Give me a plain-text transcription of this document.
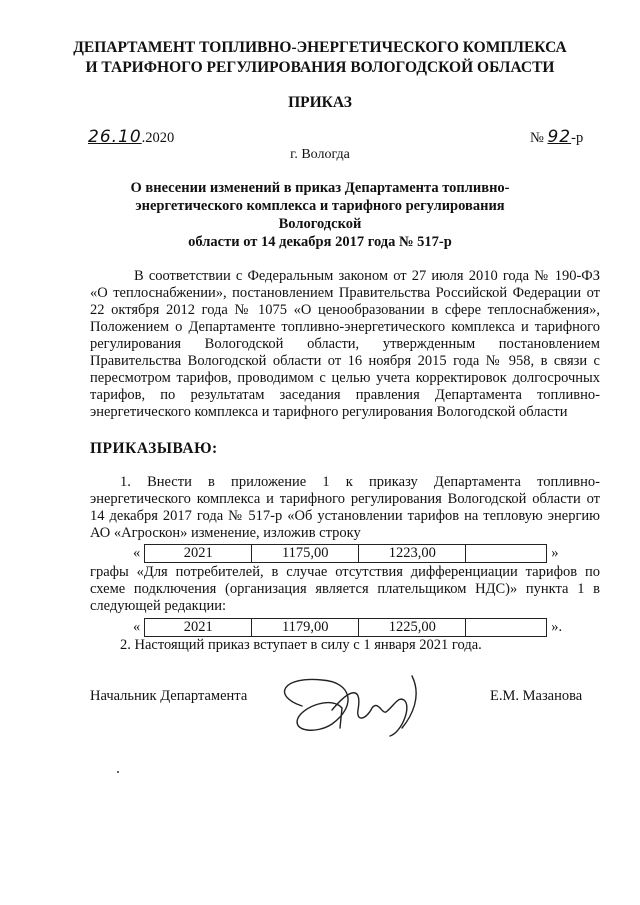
ДЕПАРТАМЕНТ ТОПЛИВНО-ЭНЕРГЕТИЧЕСКОГО КОМПЛЕКСА
И ТАРИФНОГО РЕГУЛИРОВАНИЯ ВОЛОГОДСКОЙ ОБЛАСТИ
ПРИКАЗ
26.10.2020	№ 92-р
г. Вологда
О внесении изменений в приказ Департамента топливно-
энергетического комплекса и тарифного регулирования Вологодской
области от 14 декабря 2017 года № 517-р
В соответствии с Федеральным законом от 27 июля 2010 года № 190-ФЗ «О теплоснабжении», постановлением Правительства Российской Федерации от 22 октября 2012 года № 1075 «О ценообразовании в сфере теплоснабжения», Положением о Департаменте топливно-энергетического комплекса и тарифного регулирования Вологодской области, утвержденным постановлением Правительства Вологодской области от 16 ноября 2015 года № 958, в связи с пересмотром тарифов, проводимом с целью учета корректировок долгосрочных тарифов, по результатам заседания правления Департамента топливно-энергетического комплекса и тарифного регулирования Вологодской области
ПРИКАЗЫВАЮ:
1. Внести в приложение 1 к приказу Департамента топливно-энергетического комплекса и тарифного регулирования Вологодской области от 14 декабря 2017 года № 517-р «Об установлении тарифов на тепловую энергию АО «Агроскон» изменение, изложив строку
«	2021	1175,00	1223,00		»
графы «Для потребителей, в случае отсутствия дифференциации тарифов по схеме подключения (организация является плательщиком НДС)» пункта 1 в следующей редакции:
«	2021	1179,00	1225,00		».
2. Настоящий приказ вступает в силу с 1 января 2021 года.
Начальник Департамента	Е.М. Мазанова
